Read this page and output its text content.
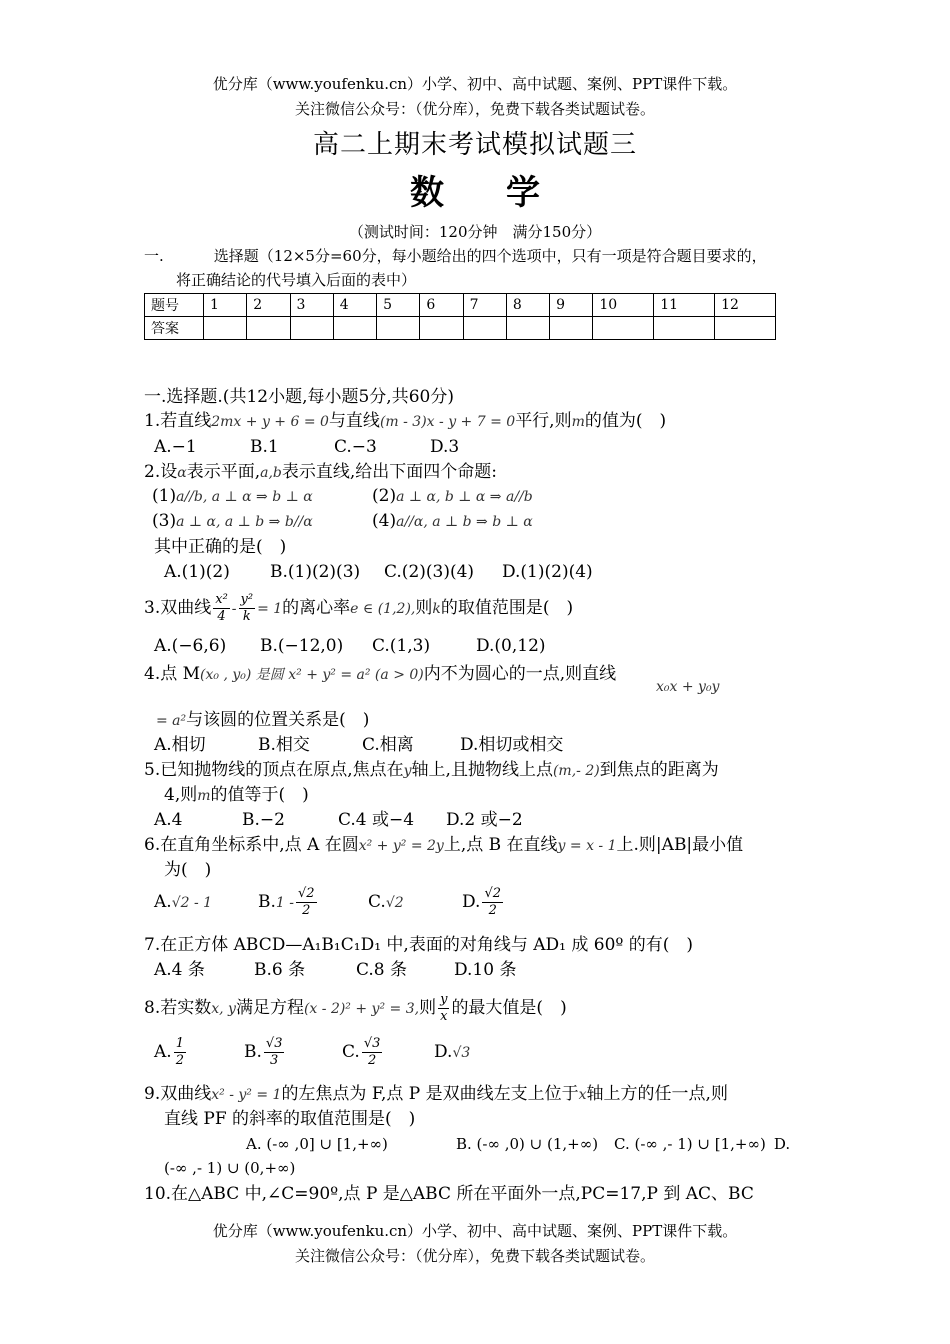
优分库（www.youfenku.cn）小学、初中、高中试题、案例、PPT课件下载。
关注微信公众号：（优分库），免费下载各类试题试卷。
高二上期末考试模拟试题三
数 学
（测试时间：120分钟　满分150分）
一.	选择题（12×5分=60分，每小题给出的四个选项中，只有一项是符合题目要求的，
将正确结论的代号填入后面的表中）
题号	1	2	3	4	5	6	7	8	9	10	11	12
答案												
一.选择题.(共12小题,每小题5分,共60分)
1.若直线2mx + y + 6 = 0与直线(m - 3)x - y + 7 = 0平行,则m的值为(　)
A.−1	B.1	C.−3	D.3
2.设α表示平面,a,b表示直线,给出下面四个命题:
(1)a//b, a ⊥ α ⇒ b ⊥ α	(2)a ⊥ α, b ⊥ α ⇒ a//b
(3)a ⊥ α, a ⊥ b ⇒ b//α	(4)a//α, a ⊥ b ⇒ b ⊥ α
其中正确的是(　)
A.(1)(2) B.(1)(2)(3) C.(2)(3)(4) D.(1)(2)(4)
3.双曲线 $\frac{\text{x²}}{4} - \frac{\text{y²}}{k} = 1$的离心率e ∈ (1,2),则k的取值范围是(　)
A.(−6,6) B.(−12,0) C.(1,3)	D.(0,12)
4.点 M(x₀ , y₀) 是圆 x² + y² = a² (a > 0)内不为圆心的一点,则直线
x₀x + y₀y
= a²与该圆的位置关系是(　)
A.相切	B.相交	C.相离	D.相切或相交
5.已知抛物线的顶点在原点,焦点在y轴上,且抛物线上点(m,- 2)到焦点的距离为
4,则m的值等于(　)
A.4	B.−2	C.4 或−4 D.2 或−2
6.在直角坐标系中,点 A 在圆x² + y² = 2y上,点 B 在直线y = x - 1上.则|AB|最小值
为(　)
A.√2 - 1	$B.1 - \frac{√2}{2}$	C.√2	D. $\frac{√2}{2}$
7.在正方体 ABCD—A₁B₁C₁D₁ 中,表面的对角线与 AD₁ 成 60º 的有(　)
A.4 条	B.6 条	C.8 条	D.10 条
8.若实数x, y满足方程(x - 2)² + y² = 3,则 $\frac{y}{x}$ 的最大值是(　)
A. $\frac{1}{2}$	B. $\frac{√3}{3}$	C. $\frac{√3}{2}$	D.√3
9.双曲线x² - y² = 1的左焦点为 F,点 P 是双曲线左支上位于x轴上方的任一点,则
直线 PF 的斜率的取值范围是(　)
A. (-∞ ,0] ∪ [1,+∞)	B. (-∞ ,0) ∪ (1,+∞) C. (-∞ ,- 1) ∪ [1,+∞) D.
(-∞ ,- 1) ∪ (0,+∞)
10.在△ABC 中,∠C=90º,点 P 是△ABC 所在平面外一点,PC=17,P 到 AC、BC
优分库（www.youfenku.cn）小学、初中、高中试题、案例、PPT课件下载。
关注微信公众号：（优分库），免费下载各类试题试卷。
